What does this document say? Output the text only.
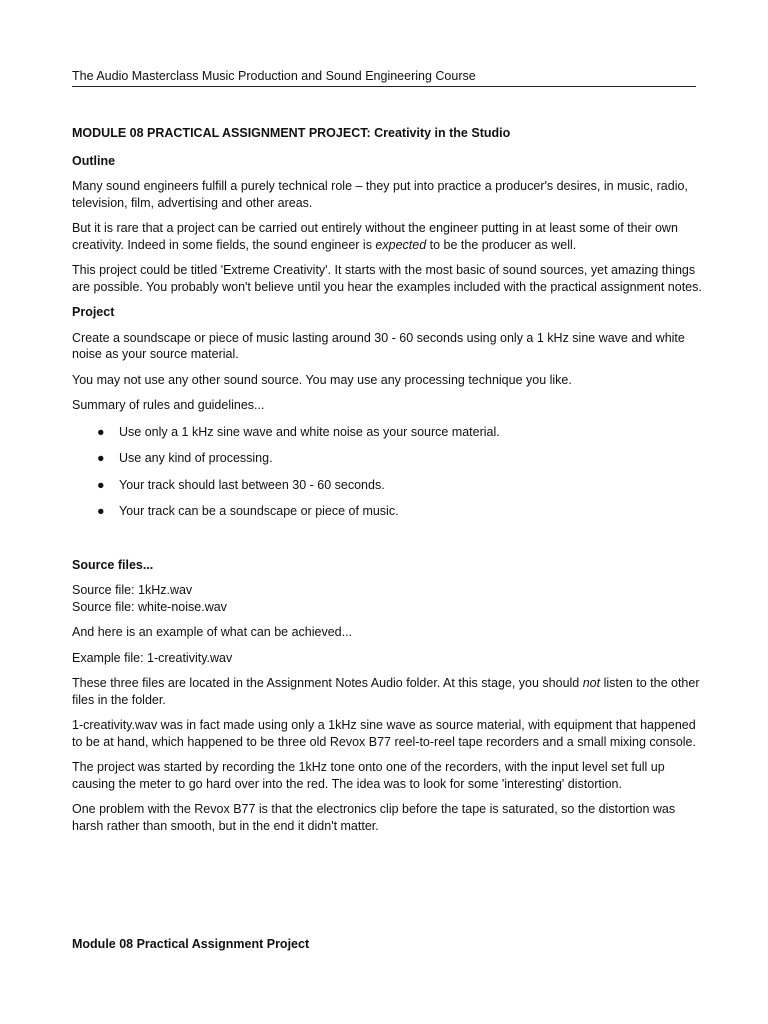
The Audio Masterclass Music Production and Sound Engineering Course

MODULE 08 PRACTICAL ASSIGNMENT PROJECT: Creativity in the Studio

Outline

Many sound engineers fulfill a purely technical role – they put into practice a producer's desires, in music, radio, television, film, advertising and other areas.

But it is rare that a project can be carried out entirely without the engineer putting in at least some of their own creativity. Indeed in some fields, the sound engineer is expected to be the producer as well.

This project could be titled 'Extreme Creativity'. It starts with the most basic of sound sources, yet amazing things are possible. You probably won't believe until you hear the examples included with the practical assignment notes.

Project

Create a soundscape or piece of music lasting around 30 - 60 seconds using only a 1 kHz sine wave and white noise as your source material.

You may not use any other sound source. You may use any processing technique you like.

Summary of rules and guidelines...

● Use only a 1 kHz sine wave and white noise as your source material.
● Use any kind of processing.
● Your track should last between 30 - 60 seconds.
● Your track can be a soundscape or piece of music.

Source files...

Source file: 1kHz.wav

Source file: white-noise.wav

And here is an example of what can be achieved...

Example file: 1-creativity.wav

These three files are located in the Assignment Notes Audio folder. At this stage, you should not listen to the other files in the folder.

1-creativity.wav was in fact made using only a 1kHz sine wave as source material, with equipment that happened to be at hand, which happened to be three old Revox B77 reel-to-reel tape recorders and a small mixing console.

The project was started by recording the 1kHz tone onto one of the recorders, with the input level set full up causing the meter to go hard over into the red. The idea was to look for some 'interesting' distortion.

One problem with the Revox B77 is that the electronics clip before the tape is saturated, so the distortion was harsh rather than smooth, but in the end it didn't matter.

Module 08 Practical Assignment Project
